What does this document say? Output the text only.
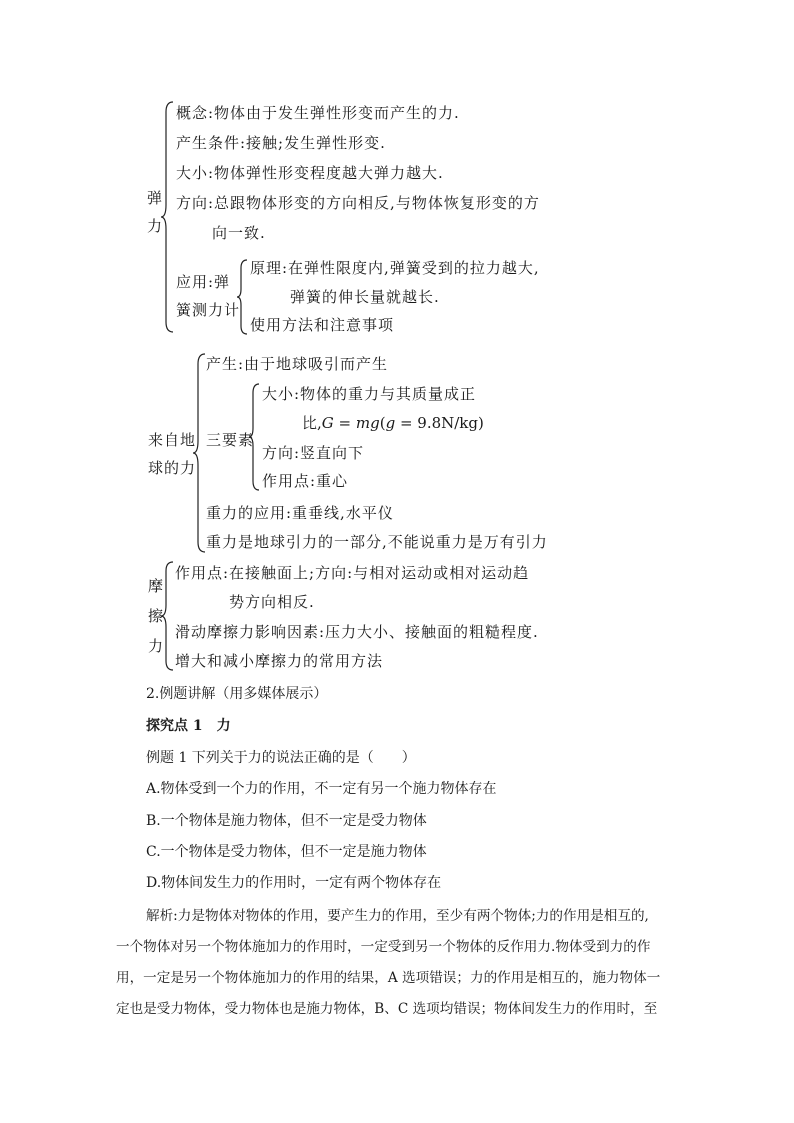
弹
力
概念:物体由于发生弹性形变而产生的力.
产生条件:接触;发生弹性形变.
大小:物体弹性形变程度越大弹力越大.
方向:总跟物体形变的方向相反,与物体恢复形变的方
向一致.
应用:弹
簧测力计
原理:在弹性限度内,弹簧受到的拉力越大,
弹簧的伸长量就越长.
使用方法和注意事项
来自地
球的力
产生:由于地球吸引而产生
三要素
大小:物体的重力与其质量成正
比,G = mg(g = 9.8N/kg)
方向:竖直向下
作用点:重心
重力的应用:重垂线,水平仪
重力是地球引力的一部分,不能说重力是万有引力
摩
擦
力
作用点:在接触面上;方向:与相对运动或相对运动趋
势方向相反.
滑动摩擦力影响因素:压力大小、接触面的粗糙程度.
增大和减小摩擦力的常用方法
2.例题讲解（用多媒体展示）
探究点 1　力
例题 1 下列关于力的说法正确的是（　　）
A.物体受到一个力的作用，不一定有另一个施力物体存在
B.一个物体是施力物体，但不一定是受力物体
C.一个物体是受力物体，但不一定是施力物体
D.物体间发生力的作用时，一定有两个物体存在
解析:力是物体对物体的作用，要产生力的作用，至少有两个物体;力的作用是相互的,
一个物体对另一个物体施加力的作用时，一定受到另一个物体的反作用力.物体受到力的作
用，一定是另一个物体施加力的作用的结果，A 选项错误；力的作用是相互的，施力物体一
定也是受力物体，受力物体也是施力物体，B、C 选项均错误；物体间发生力的作用时，至
